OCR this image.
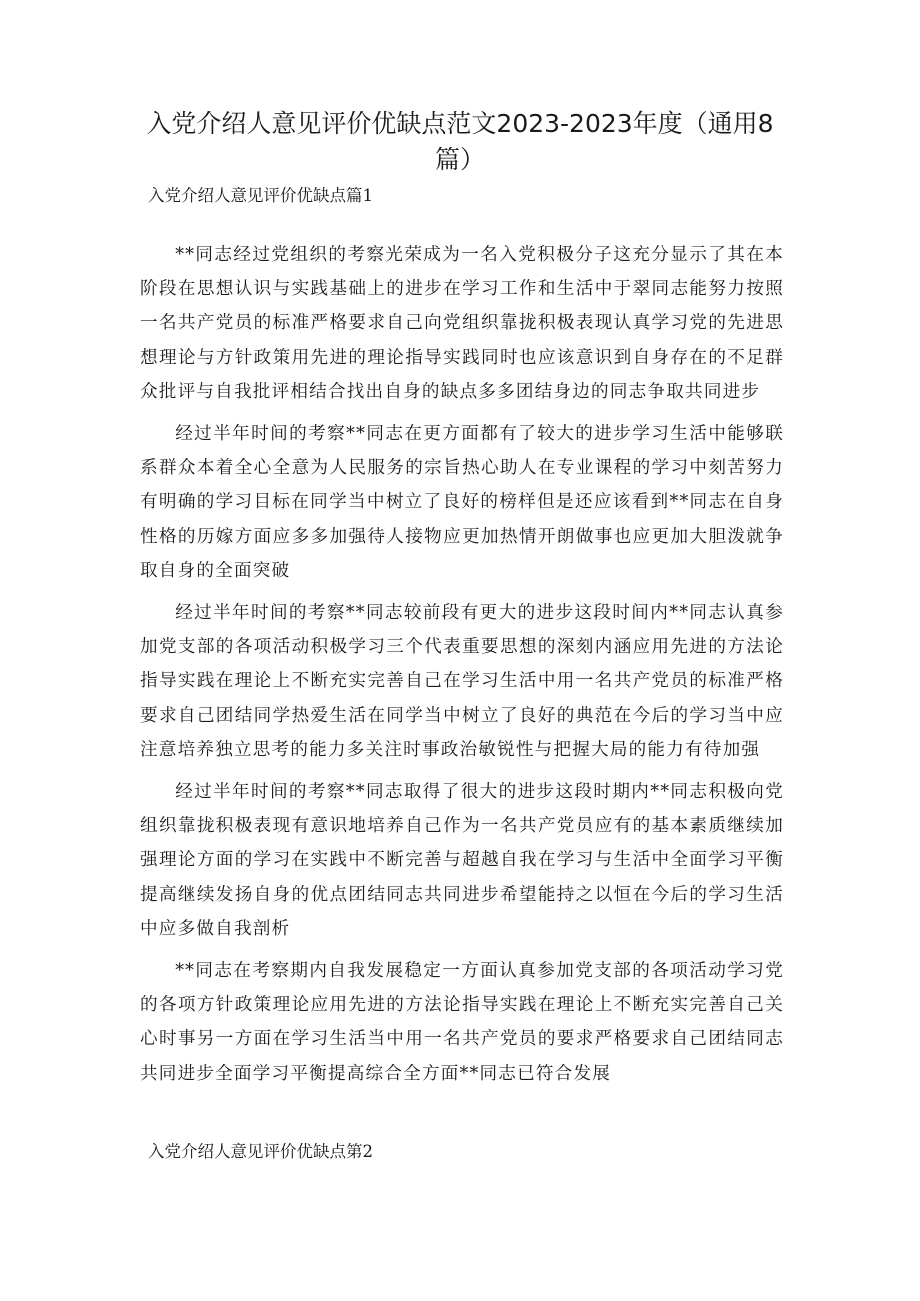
入党介绍人意见评价优缺点范文2023-2023年度（通用8篇）
入党介绍人意见评价优缺点篇1

**同志经过党组织的考察光荣成为一名入党积极分子这充分显示了其在本阶段在思想认识与实践基础上的进步在学习工作和生活中于翠同志能努力按照一名共产党员的标准严格要求自己向党组织靠拢积极表现认真学习党的先进思想理论与方针政策用先进的理论指导实践同时也应该意识到自身存在的不足群众批评与自我批评相结合找出自身的缺点多多团结身边的同志争取共同进步

经过半年时间的考察**同志在更方面都有了较大的进步学习生活中能够联系群众本着全心全意为人民服务的宗旨热心助人在专业课程的学习中刻苦努力有明确的学习目标在同学当中树立了良好的榜样但是还应该看到**同志在自身性格的历嫁方面应多多加强待人接物应更加热情开朗做事也应更加大胆泼就争取自身的全面突破

经过半年时间的考察**同志较前段有更大的进步这段时间内**同志认真参加党支部的各项活动积极学习三个代表重要思想的深刻内涵应用先进的方法论指导实践在理论上不断充实完善自己在学习生活中用一名共产党员的标准严格要求自己团结同学热爱生活在同学当中树立了良好的典范在今后的学习当中应注意培养独立思考的能力多关注时事政治敏锐性与把握大局的能力有待加强

经过半年时间的考察**同志取得了很大的进步这段时期内**同志积极向党组织靠拢积极表现有意识地培养自己作为一名共产党员应有的基本素质继续加强理论方面的学习在实践中不断完善与超越自我在学习与生活中全面学习平衡提高继续发扬自身的优点团结同志共同进步希望能持之以恒在今后的学习生活中应多做自我剖析

**同志在考察期内自我发展稳定一方面认真参加党支部的各项活动学习党的各项方针政策理论应用先进的方法论指导实践在理论上不断充实完善自己关心时事另一方面在学习生活当中用一名共产党员的要求严格要求自己团结同志共同进步全面学习平衡提高综合全方面**同志已符合发展

入党介绍人意见评价优缺点第2
